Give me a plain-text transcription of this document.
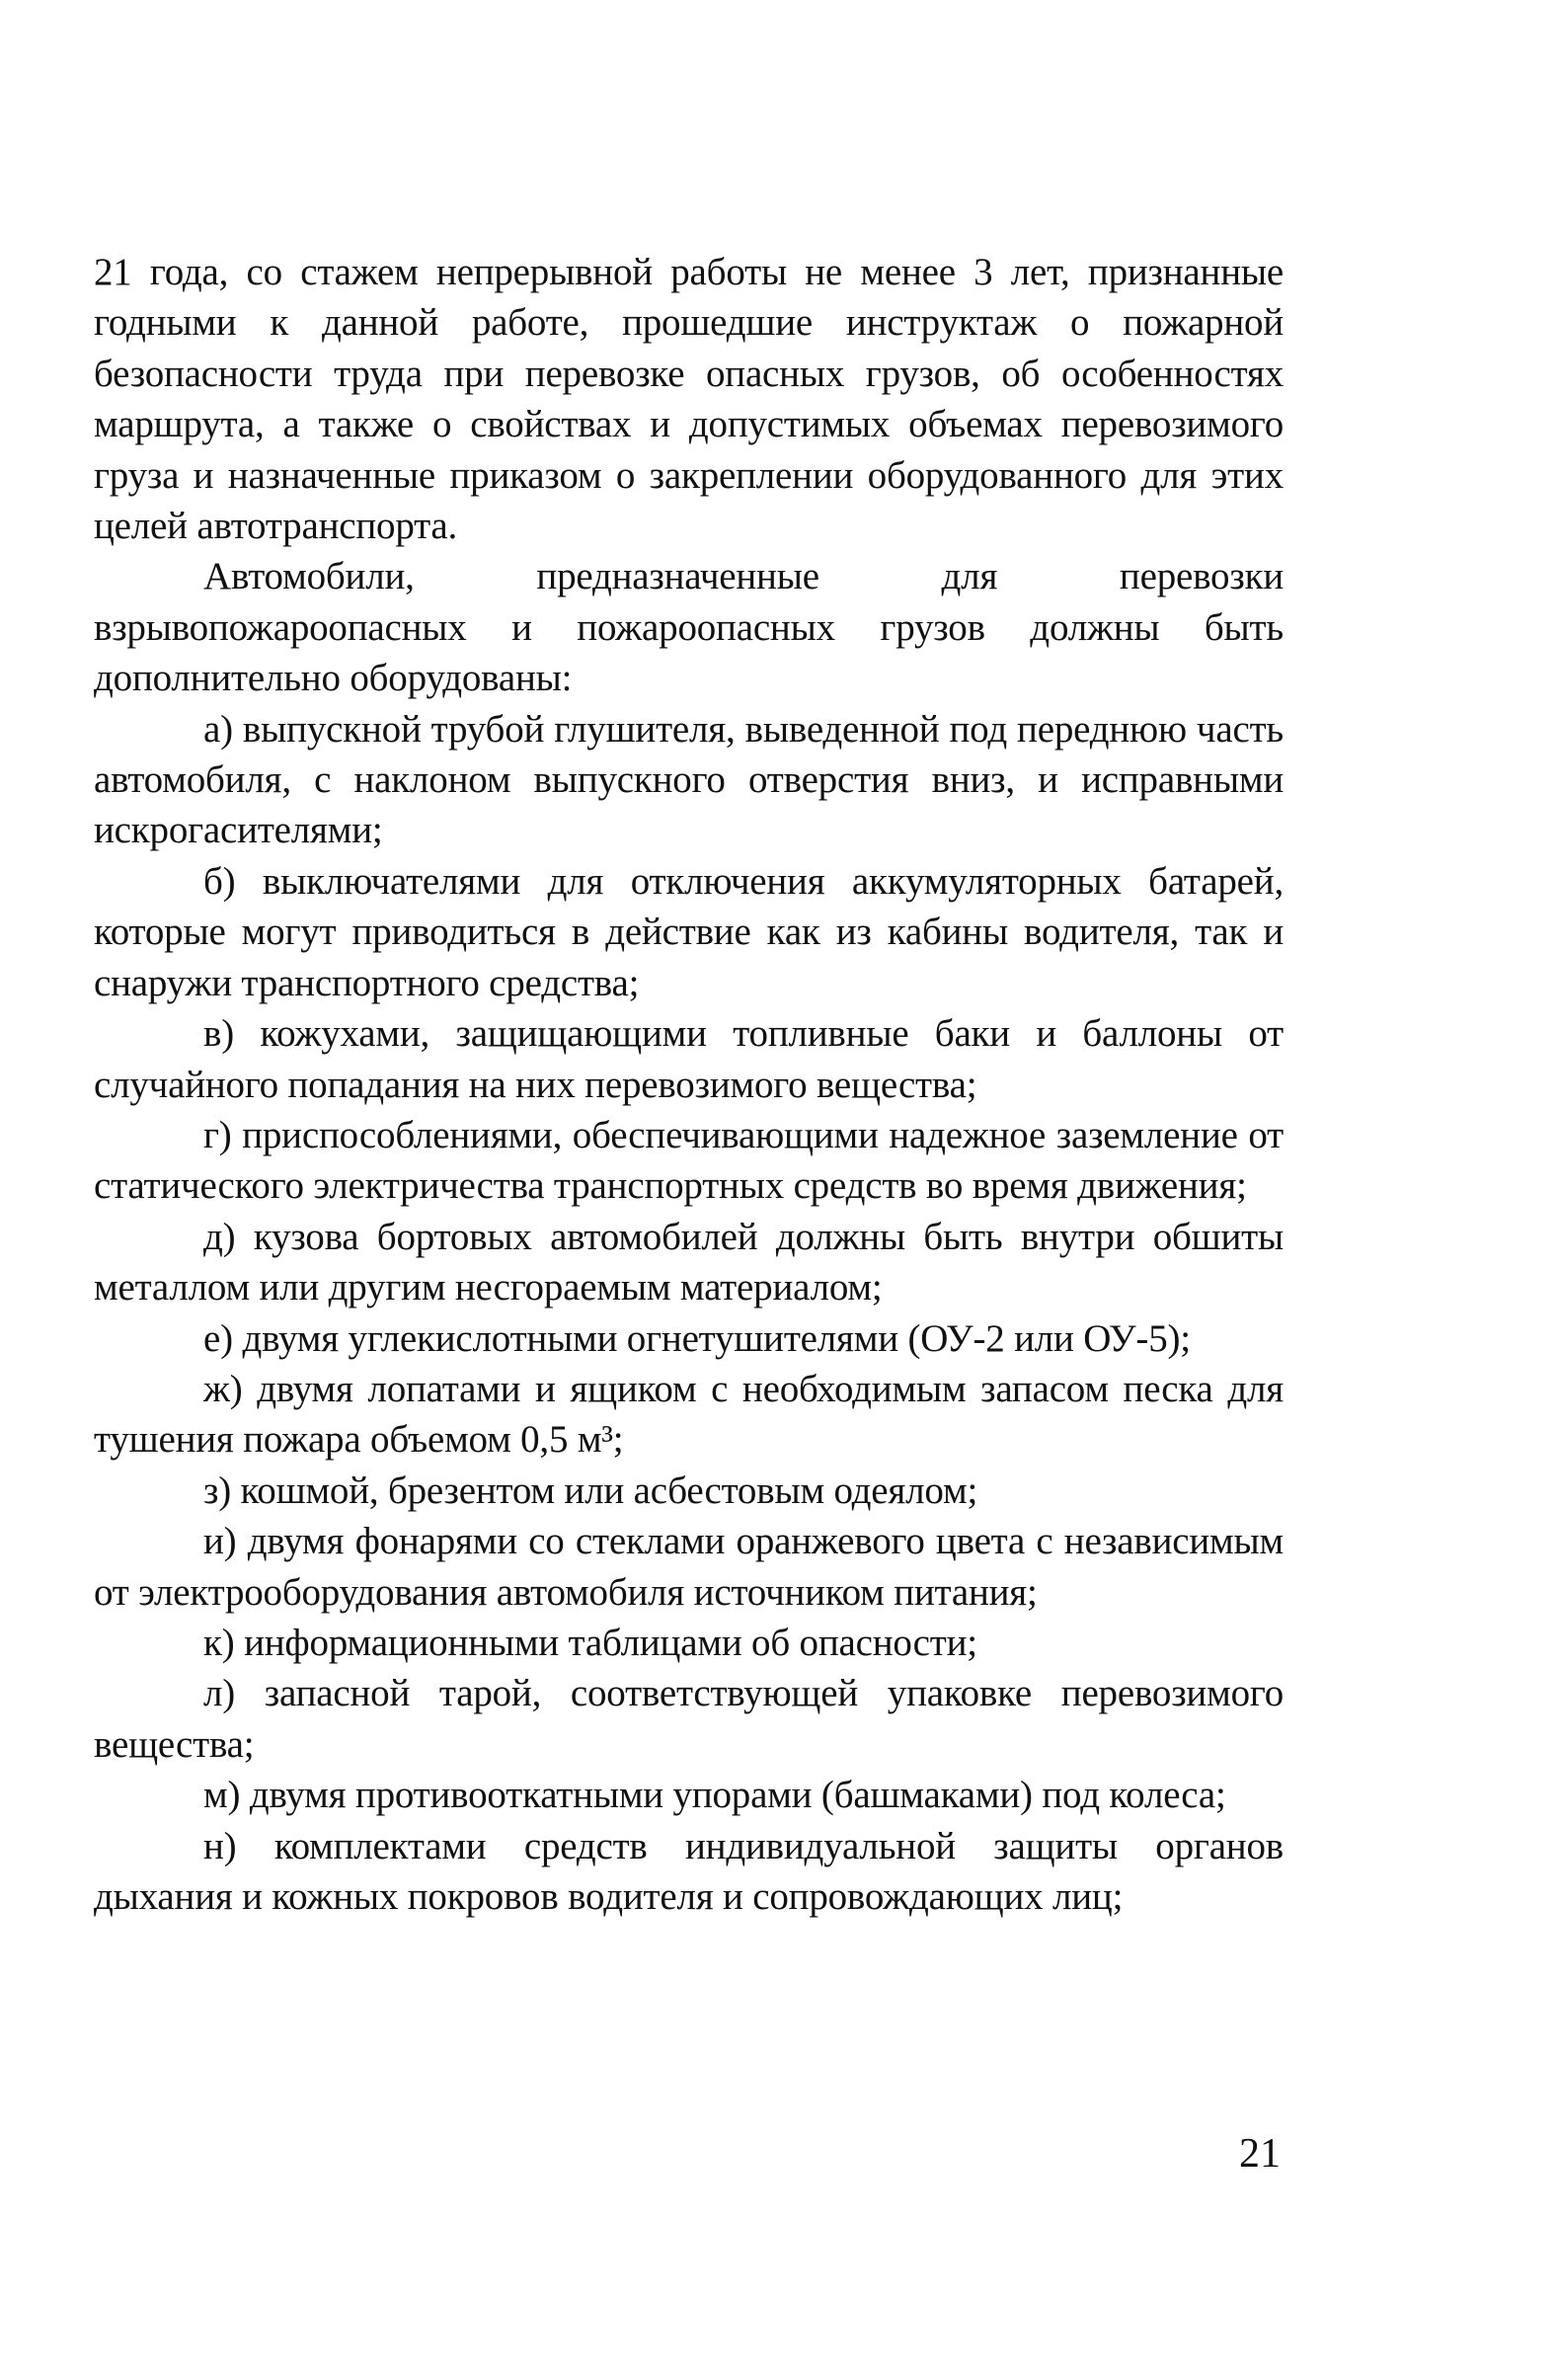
21 года, со стажем непрерывной работы не менее 3 лет, признанные годными к данной работе, прошедшие инструктаж о пожарной безопасности труда при перевозке опасных грузов, об особенностях маршрута, а также о свойствах и допустимых объемах перевозимого груза и назначенные приказом о закреплении оборудованного для этих целей автотранспорта.

Автомобили, предназначенные для перевозки взрывопожароопасных и пожароопасных грузов должны быть дополнительно оборудованы:

а) выпускной трубой глушителя, выведенной под переднюю часть автомобиля, с наклоном выпускного отверстия вниз, и исправными искрогасителями;

б) выключателями для отключения аккумуляторных батарей, которые могут приводиться в действие как из кабины водителя, так и снаружи транспортного средства;

в) кожухами, защищающими топливные баки и баллоны от случайного попадания на них перевозимого вещества;

г) приспособлениями, обеспечивающими надежное заземление от статического электричества транспортных средств во время движения;

д) кузова бортовых автомобилей должны быть внутри обшиты металлом или другим несгораемым материалом;

е) двумя углекислотными огнетушителями (ОУ-2 или ОУ-5);

ж) двумя лопатами и ящиком с необходимым запасом песка для тушения пожара объемом 0,5 м³;

з) кошмой, брезентом или асбестовым одеялом;

и) двумя фонарями со стеклами оранжевого цвета с независимым от электрооборудования автомобиля источником питания;

к) информационными таблицами об опасности;

л) запасной тарой, соответствующей упаковке перевозимого вещества;

м) двумя противооткатными упорами (башмаками) под колеса;

н) комплектами средств индивидуальной защиты органов дыхания и кожных покровов водителя и сопровождающих лиц;

21
